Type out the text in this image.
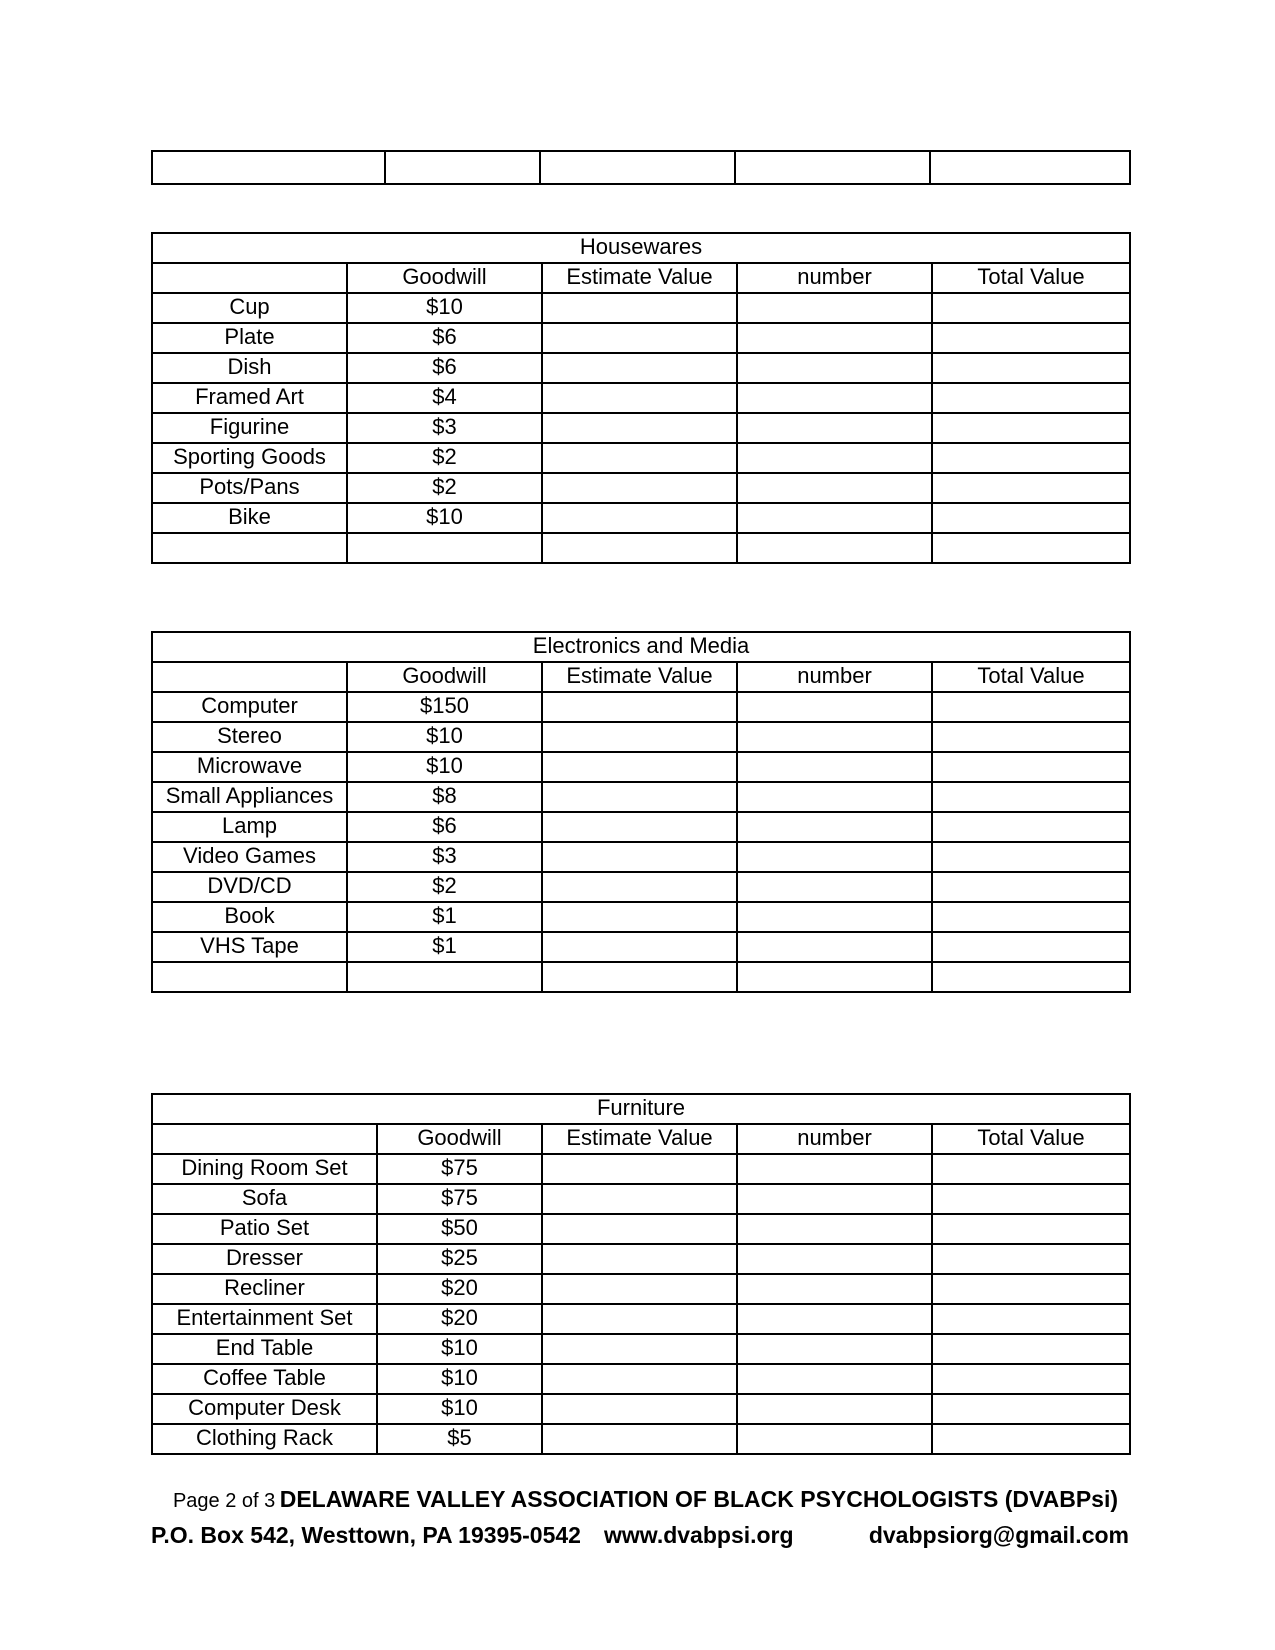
Housewares				
	Goodwill	Estimate Value	number	Total Value
Cup	$10			
Plate	$6			
Dish	$6			
Framed Art	$4			
Figurine	$3			
Sporting Goods	$2			
Pots/Pans	$2			
Bike	$10			

Electronics and Media				
	Goodwill	Estimate Value	number	Total Value
Computer	$150			
Stereo	$10			
Microwave	$10			
Small Appliances	$8			
Lamp	$6			
Video Games	$3			
DVD/CD	$2			
Book	$1			
VHS Tape	$1			

Furniture				
	Goodwill	Estimate Value	number	Total Value
Dining Room Set	$75			
Sofa	$75			
Patio Set	$50			
Dresser	$25			
Recliner	$20			
Entertainment Set	$20			
End Table	$10			
Coffee Table	$10			
Computer Desk	$10			
Clothing Rack	$5			
Page 2 of 3 DELAWARE VALLEY ASSOCIATION OF BLACK PSYCHOLOGISTS (DVABPsi)
P.O. Box 542, Westtown, PA 19395-0542	www.dvabpsi.org	dvabpsiorg@gmail.com
